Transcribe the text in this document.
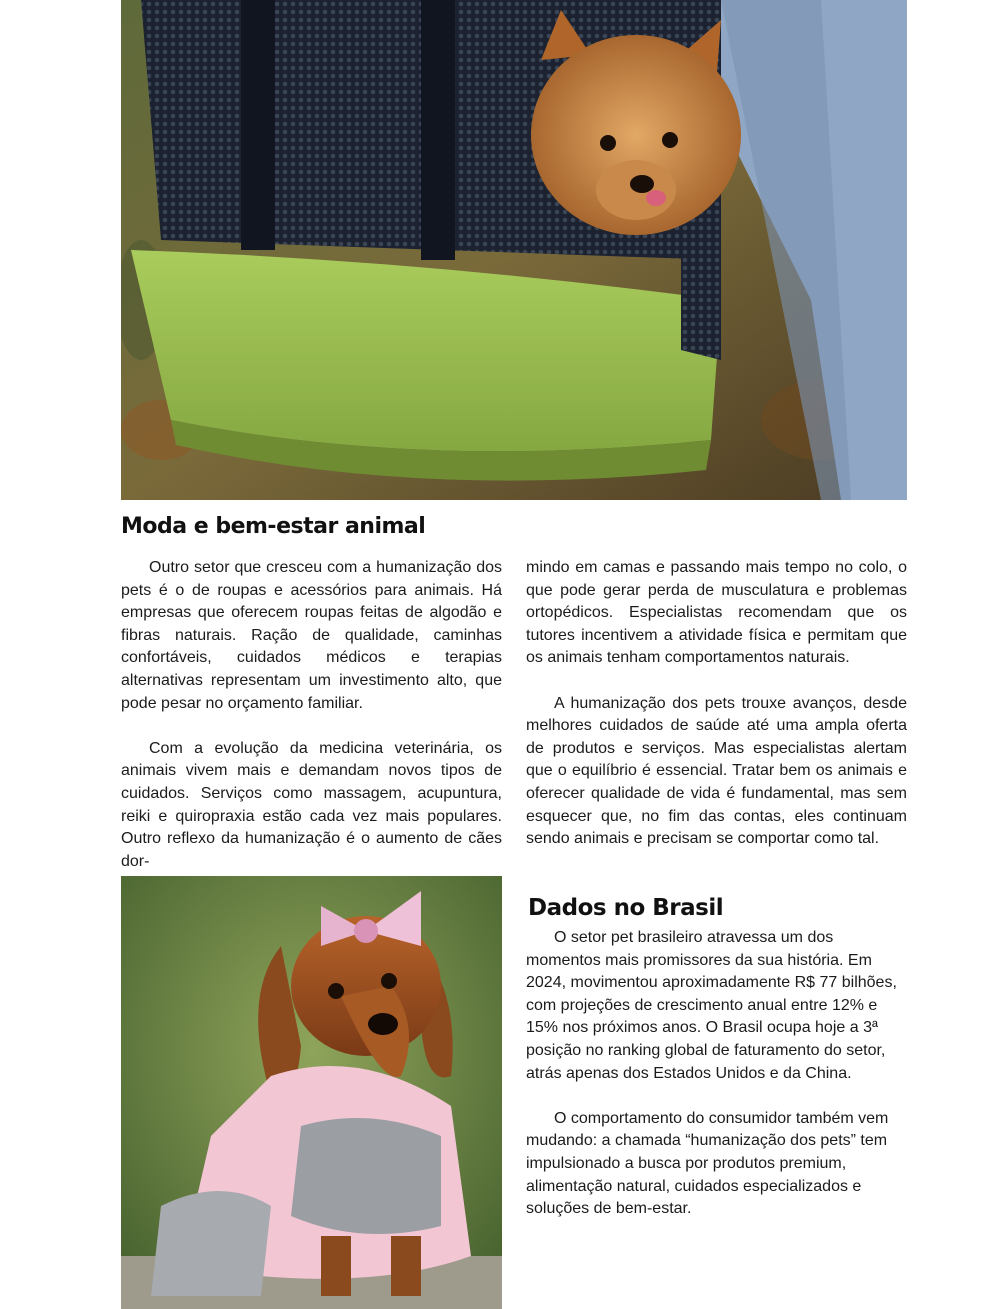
Moda e bem-estar animal

Outro setor que cresceu com a humanização dos pets é o de roupas e acessórios para animais. Há empresas que oferecem roupas feitas de algodão e fibras naturais. Ração de qualidade, caminhas confortáveis, cuidados médicos e terapias alternativas representam um investimento alto, que pode pesar no orçamento familiar.

Com a evolução da medicina veterinária, os animais vivem mais e demandam novos tipos de cuidados. Serviços como massagem, acupuntura, reiki e quiropraxia estão cada vez mais populares. Outro reflexo da humanização é o aumento de cães dor-

mindo em camas e passando mais tempo no colo, o que pode gerar perda de musculatura e problemas ortopédicos. Especialistas recomendam que os tutores incentivem a atividade física e permitam que os animais tenham comportamentos naturais.

A humanização dos pets trouxe avanços, desde melhores cuidados de saúde até uma ampla oferta de produtos e serviços. Mas especialistas alertam que o equilíbrio é essencial. Tratar bem os animais e oferecer qualidade de vida é fundamental, mas sem esquecer que, no fim das contas, eles continuam sendo animais e precisam se comportar como tal.

Dados no Brasil

O setor pet brasileiro atravessa um dos momentos mais promissores da sua história. Em 2024, movimentou aproximadamente R$ 77 bilhões, com projeções de crescimento anual entre 12% e 15% nos próximos anos. O Brasil ocupa hoje a 3ª posição no ranking global de faturamento do setor, atrás apenas dos Estados Unidos e da China.

O comportamento do consumidor também vem mudando: a chamada “humanização dos pets” tem impulsionado a busca por produtos premium, alimentação natural, cuidados especializados e soluções de bem-estar.
